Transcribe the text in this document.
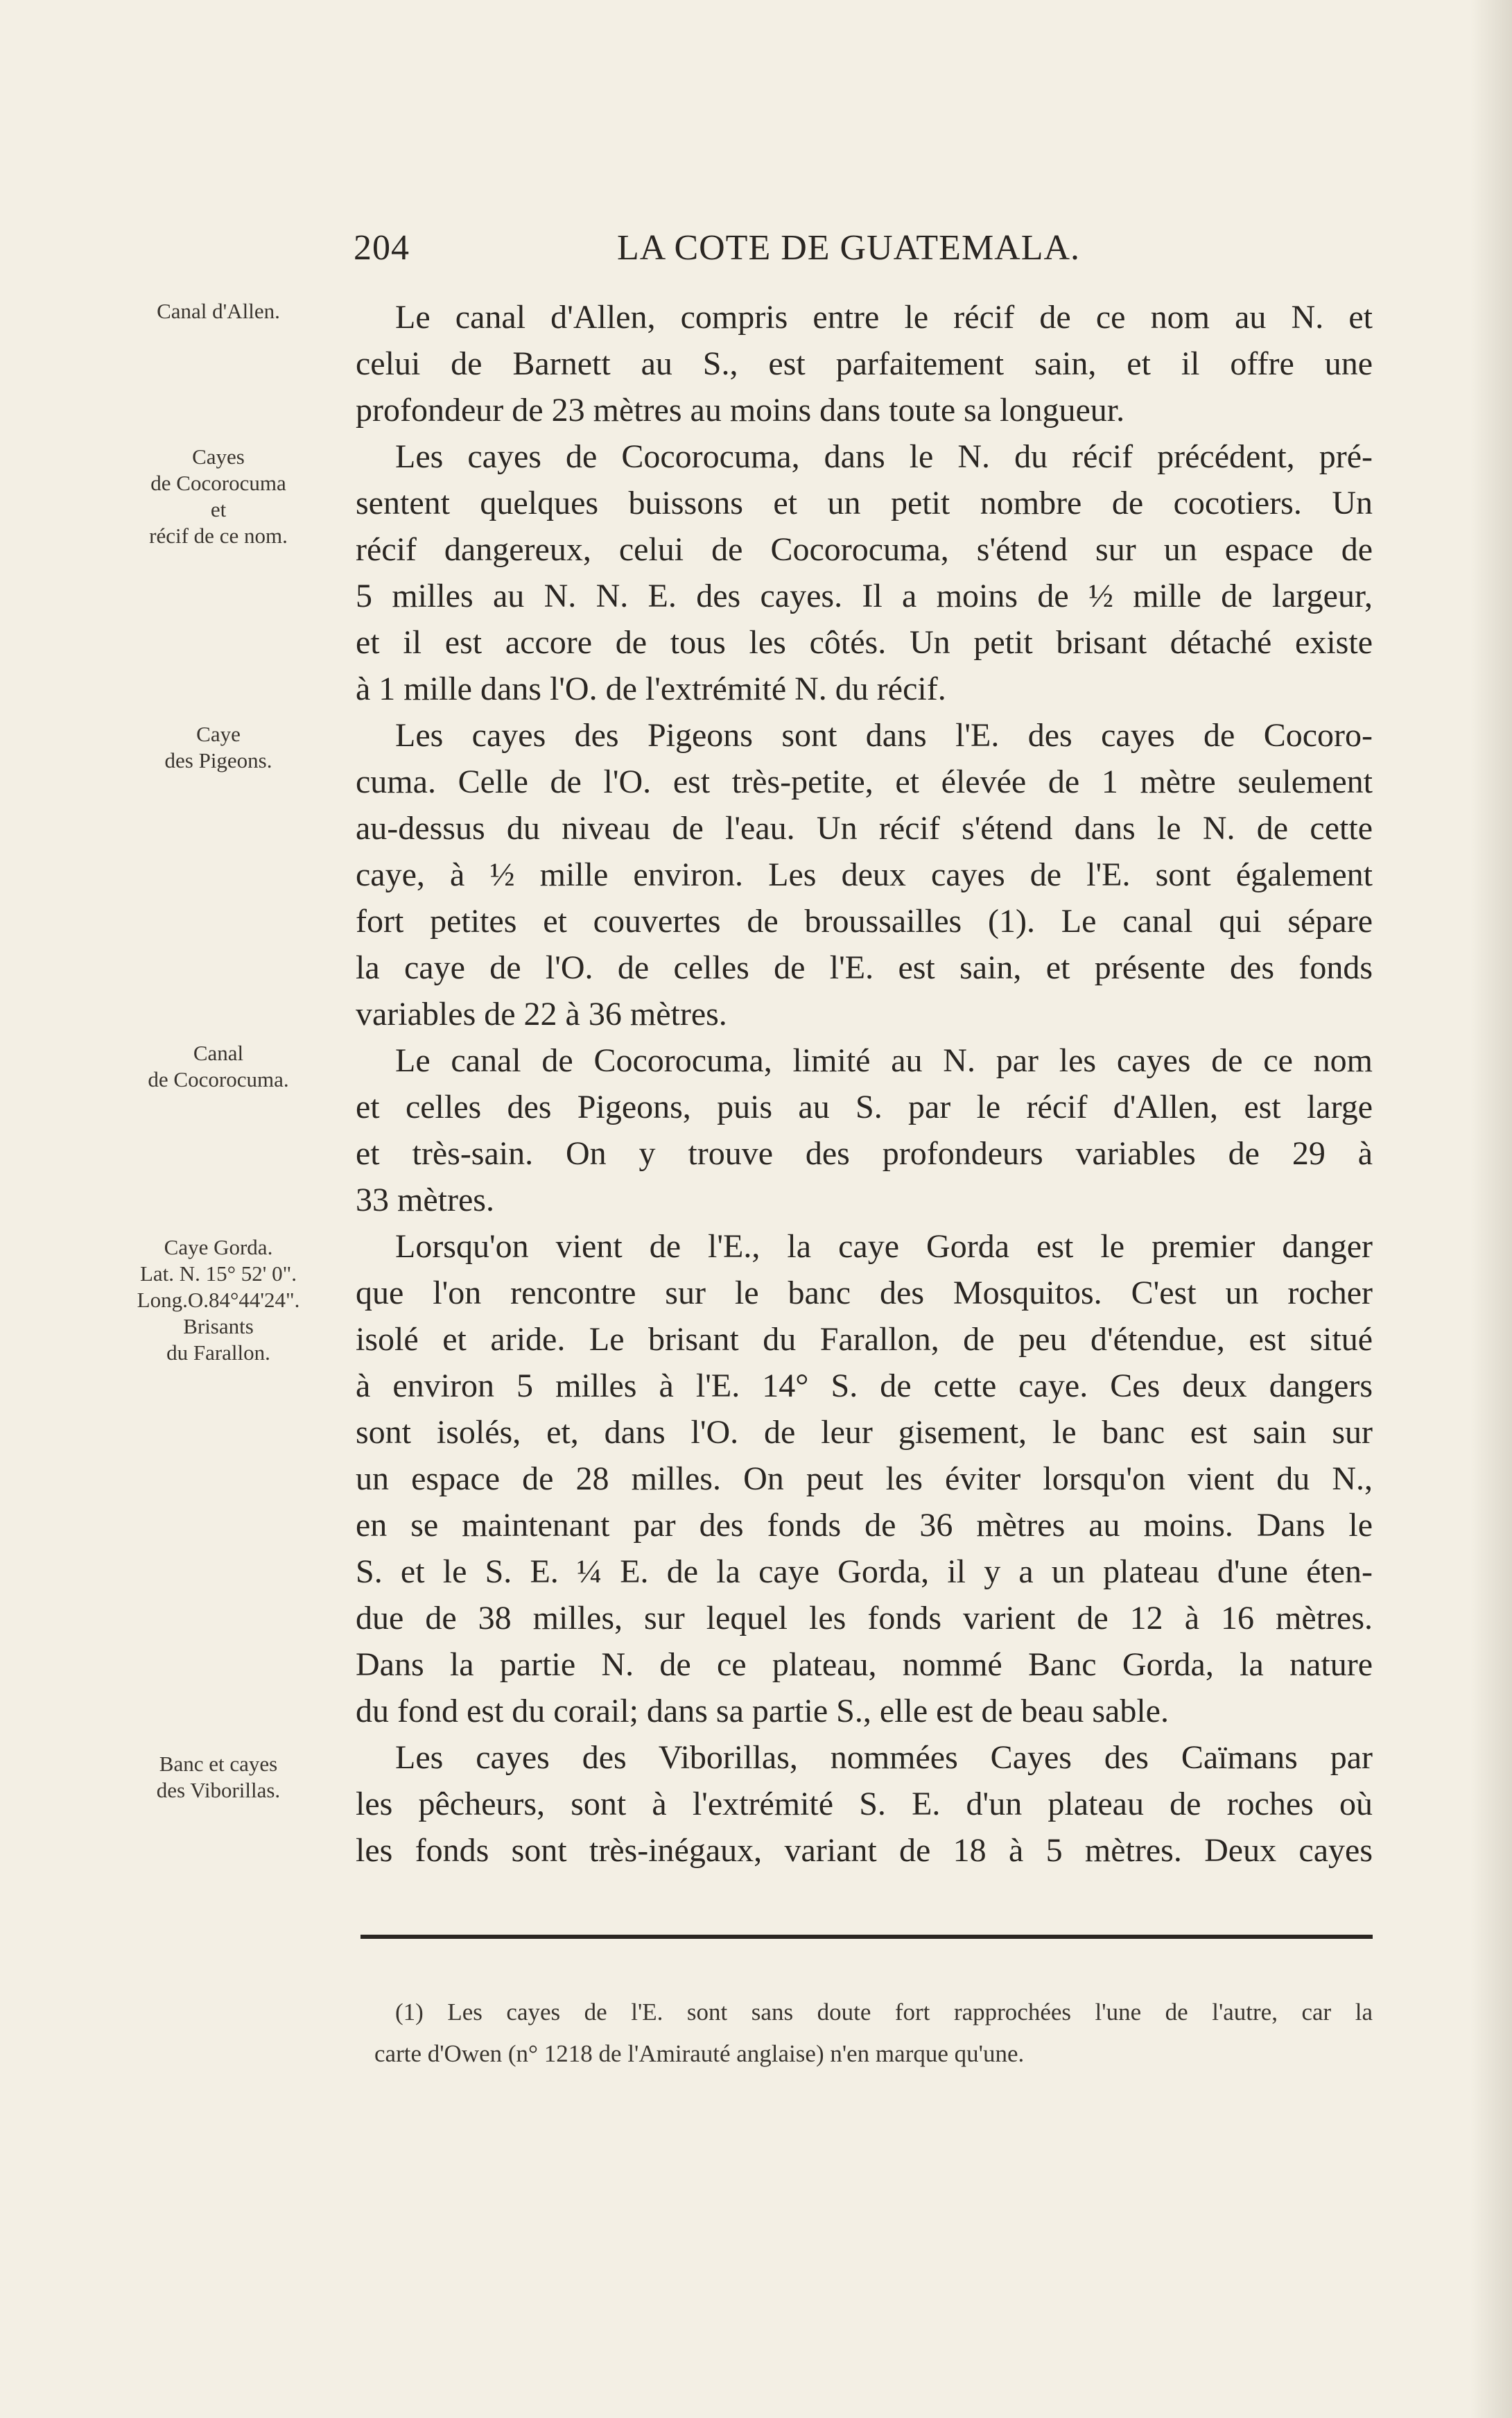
204	LA COTE DE GUATEMALA.
Canal d'Allen.
Cayes
de Cocorocuma
et
récif de ce nom.
Caye
des Pigeons.
Canal
de Cocorocuma.
Caye Gorda.
Lat. N. 15° 52' 0".
Long.O.84°44'24".
Brisants
du Farallon.
Banc et cayes
des Viborillas.
Le canal d'Allen, compris entre le récif de ce nom au N. et
celui de Barnett au S., est parfaitement sain, et il offre une
profondeur de 23 mètres au moins dans toute sa longueur.
Les cayes de Cocorocuma, dans le N. du récif précédent, pré-
sentent quelques buissons et un petit nombre de cocotiers. Un
récif dangereux, celui de Cocorocuma, s'étend sur un espace de
5 milles au N. N. E. des cayes. Il a moins de ½ mille de largeur,
et il est accore de tous les côtés. Un petit brisant détaché existe
à 1 mille dans l'O. de l'extrémité N. du récif.
Les cayes des Pigeons sont dans l'E. des cayes de Cocoro-
cuma. Celle de l'O. est très-petite, et élevée de 1 mètre seulement
au-dessus du niveau de l'eau. Un récif s'étend dans le N. de cette
caye, à ½ mille environ. Les deux cayes de l'E. sont également
fort petites et couvertes de broussailles (1). Le canal qui sépare
la caye de l'O. de celles de l'E. est sain, et présente des fonds
variables de 22 à 36 mètres.
Le canal de Cocorocuma, limité au N. par les cayes de ce nom
et celles des Pigeons, puis au S. par le récif d'Allen, est large
et très-sain. On y trouve des profondeurs variables de 29 à
33 mètres.
Lorsqu'on vient de l'E., la caye Gorda est le premier danger
que l'on rencontre sur le banc des Mosquitos. C'est un rocher
isolé et aride. Le brisant du Farallon, de peu d'étendue, est situé
à environ 5 milles à l'E. 14° S. de cette caye. Ces deux dangers
sont isolés, et, dans l'O. de leur gisement, le banc est sain sur
un espace de 28 milles. On peut les éviter lorsqu'on vient du N.,
en se maintenant par des fonds de 36 mètres au moins. Dans le
S. et le S. E. ¼ E. de la caye Gorda, il y a un plateau d'une éten-
due de 38 milles, sur lequel les fonds varient de 12 à 16 mètres.
Dans la partie N. de ce plateau, nommé Banc Gorda, la nature
du fond est du corail; dans sa partie S., elle est de beau sable.
Les cayes des Viborillas, nommées Cayes des Caïmans par
les pêcheurs, sont à l'extrémité S. E. d'un plateau de roches où
les fonds sont très-inégaux, variant de 18 à 5 mètres. Deux cayes
(1) Les cayes de l'E. sont sans doute fort rapprochées l'une de l'autre, car la
carte d'Owen (n° 1218 de l'Amirauté anglaise) n'en marque qu'une.
